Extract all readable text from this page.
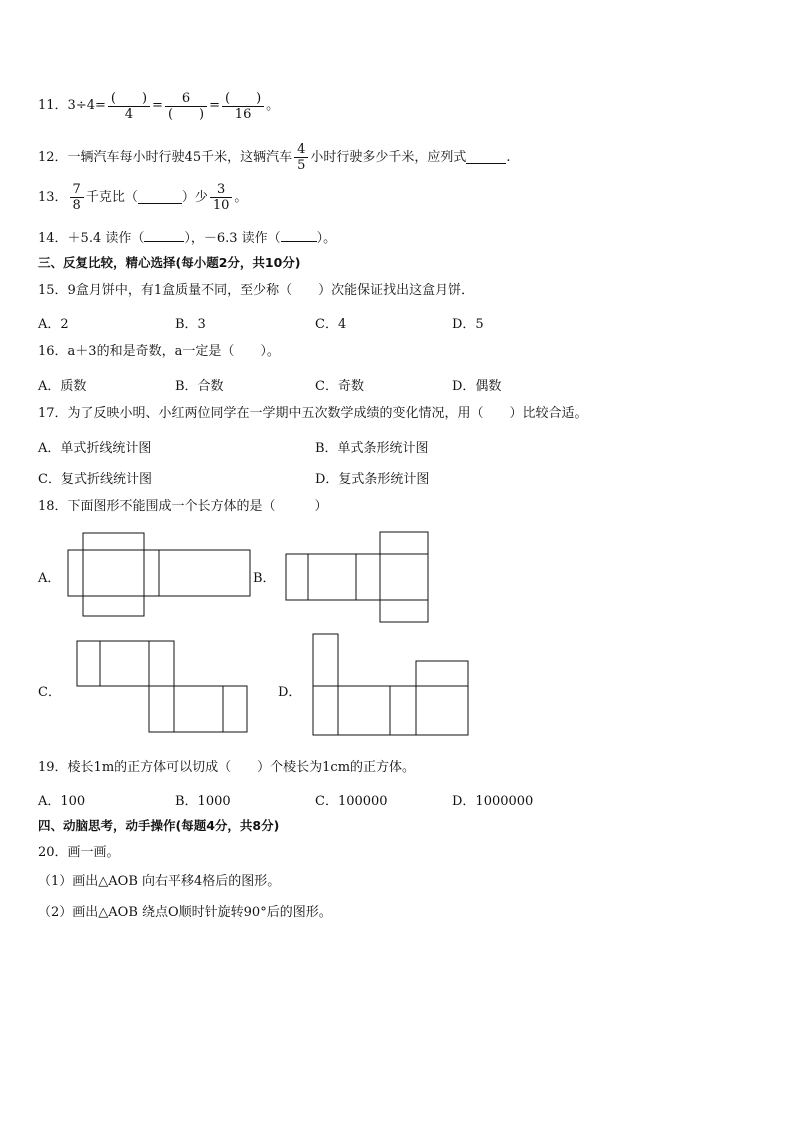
11． $3\div 4= \frac{( )}{4} = \frac{6}{( )} = \frac{( )}{16}$ 。
12． 一辆汽车每小时行驶45千米，这辆汽车 $\frac{4}{5}$ 小时行驶多少千米，应列式	.
13． $\frac{7}{8}$ 千克比（	）少 $\frac{3}{10}$ 。
14．＋5.4 读作（	），－6.3 读作（	）。
三、反复比较，精心选择(每小题2分，共10分)
15．9盒月饼中，有1盒质量不同，至少称（　　）次能保证找出这盒月饼．
A．2	B．3	C．4	D．5
16．a＋3的和是奇数，a一定是（　　）。
A．质数	B．合数	C．奇数	D．偶数
17．为了反映小明、小红两位同学在一学期中五次数学成绩的变化情况，用（　　）比较合适。
A．单式折线统计图	B．单式条形统计图
C．复式折线统计图	D．复式条形统计图
18．下面图形不能围成一个长方体的是（　　　）
A．	B．
C．	D．
19．棱长1m的正方体可以切成（　　）个棱长为1cm的正方体。
A．100	B．1000	C．100000	D．1000000
四、动脑思考，动手操作(每题4分，共8分)
20．画一画。
（1）画出△AOB 向右平移4格后的图形。
（2）画出△AOB 绕点O顺时针旋转90°后的图形。
